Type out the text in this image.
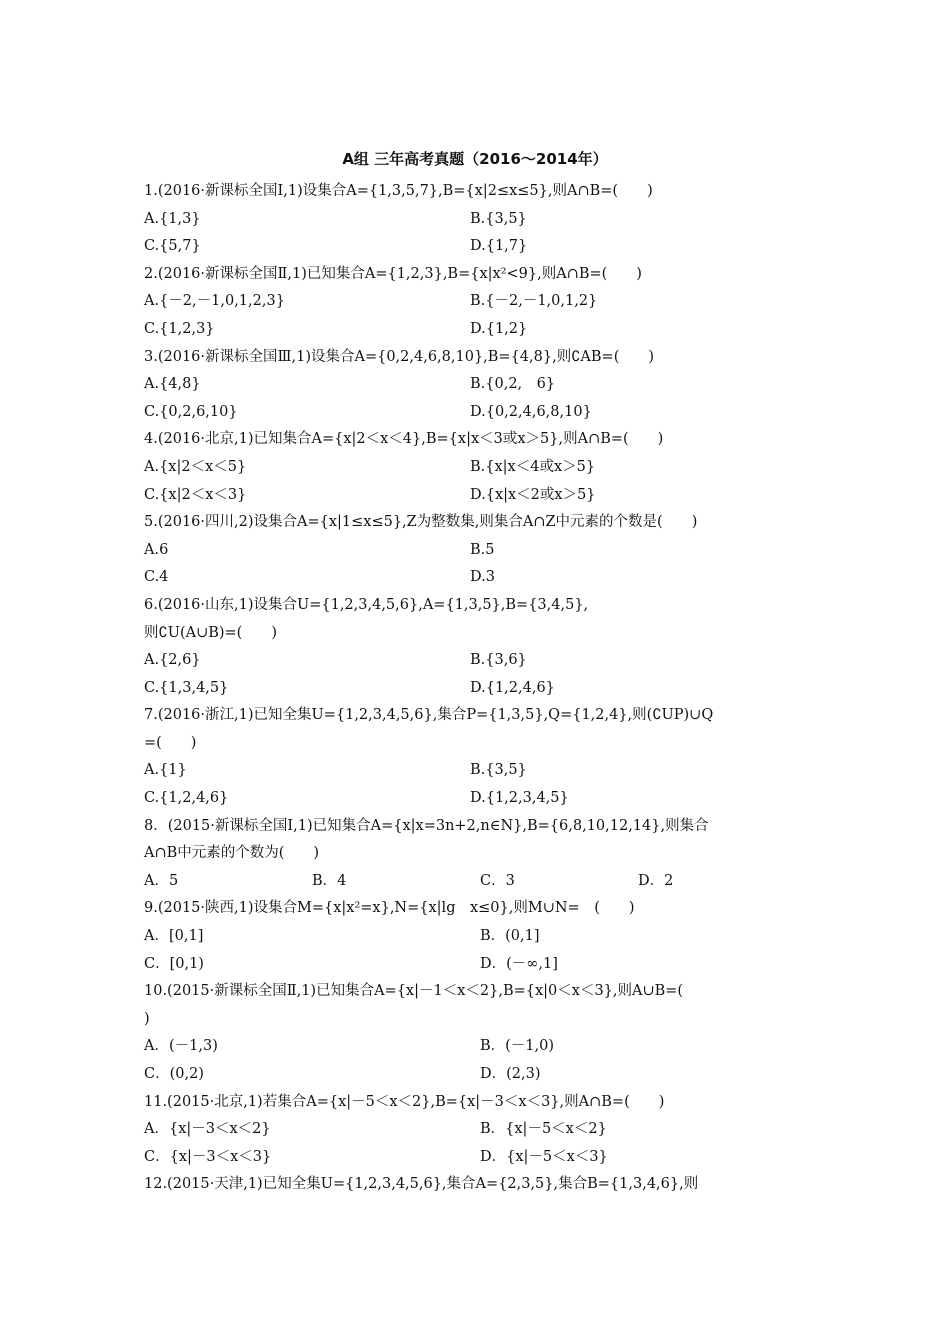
A组 三年高考真题（2016～2014年）
1.(2016·新课标全国Ⅰ,1)设集合A={1,3,5,7},B={x|2≤x≤5},则A∩B=(　　)
A.{1,3}	B.{3,5}
C.{5,7}	D.{1,7}
2.(2016·新课标全国Ⅱ,1)已知集合A={1,2,3},B={x|x²<9},则A∩B=(　　)
A.{－2,－1,0,1,2,3}	B.{－2,－1,0,1,2}
C.{1,2,3}	D.{1,2}
3.(2016·新课标全国Ⅲ,1)设集合A={0,2,4,6,8,10},B={4,8},则∁AB=(　　)
A.{4,8}	B.{0,2,　6}
C.{0,2,6,10}	D.{0,2,4,6,8,10}
4.(2016·北京,1)已知集合A={x|2＜x＜4},B={x|x＜3或x＞5},则A∩B=(　　)
A.{x|2＜x＜5}	B.{x|x＜4或x＞5}
C.{x|2＜x＜3}	D.{x|x＜2或x＞5}
5.(2016·四川,2)设集合A={x|1≤x≤5},Z为整数集,则集合A∩Z中元素的个数是(　　)
A.6	B.5
C.4	D.3
6.(2016·山东,1)设集合U={1,2,3,4,5,6},A={1,3,5},B={3,4,5},
则∁U(A∪B)=(　　)
A.{2,6}	B.{3,6}
C.{1,3,4,5}	D.{1,2,4,6}
7.(2016·浙江,1)已知全集U={1,2,3,4,5,6},集合P={1,3,5},Q={1,2,4},则(∁UP)∪Q
=(　　)
A.{1}	B.{3,5}
C.{1,2,4,6}	D.{1,2,3,4,5}
8．(2015·新课标全国Ⅰ,1)已知集合A={x|x=3n+2,n∈N},B={6,8,10,12,14},则集合
A∩B中元素的个数为(　　)
A．5	B．4	C．3	D．2
9.(2015·陕西,1)设集合M={x|x²=x},N={x|lg　x≤0},则M∪N=　(　　)
A．[0,1]	B．(0,1]
C．[0,1)	D．(－∞,1]
10.(2015·新课标全国Ⅱ,1)已知集合A={x|－1＜x＜2},B={x|0＜x＜3},则A∪B=(
)
A．(－1,3)	B．(－1,0)
C．(0,2)	D．(2,3)
11.(2015·北京,1)若集合A={x|－5＜x＜2},B={x|－3＜x＜3},则A∩B=(　　)
A．{x|－3＜x＜2}	B．{x|－5＜x＜2}
C．{x|－3＜x＜3}	D．{x|－5＜x＜3}
12.(2015·天津,1)已知全集U={1,2,3,4,5,6},集合A={2,3,5},集合B={1,3,4,6},则
